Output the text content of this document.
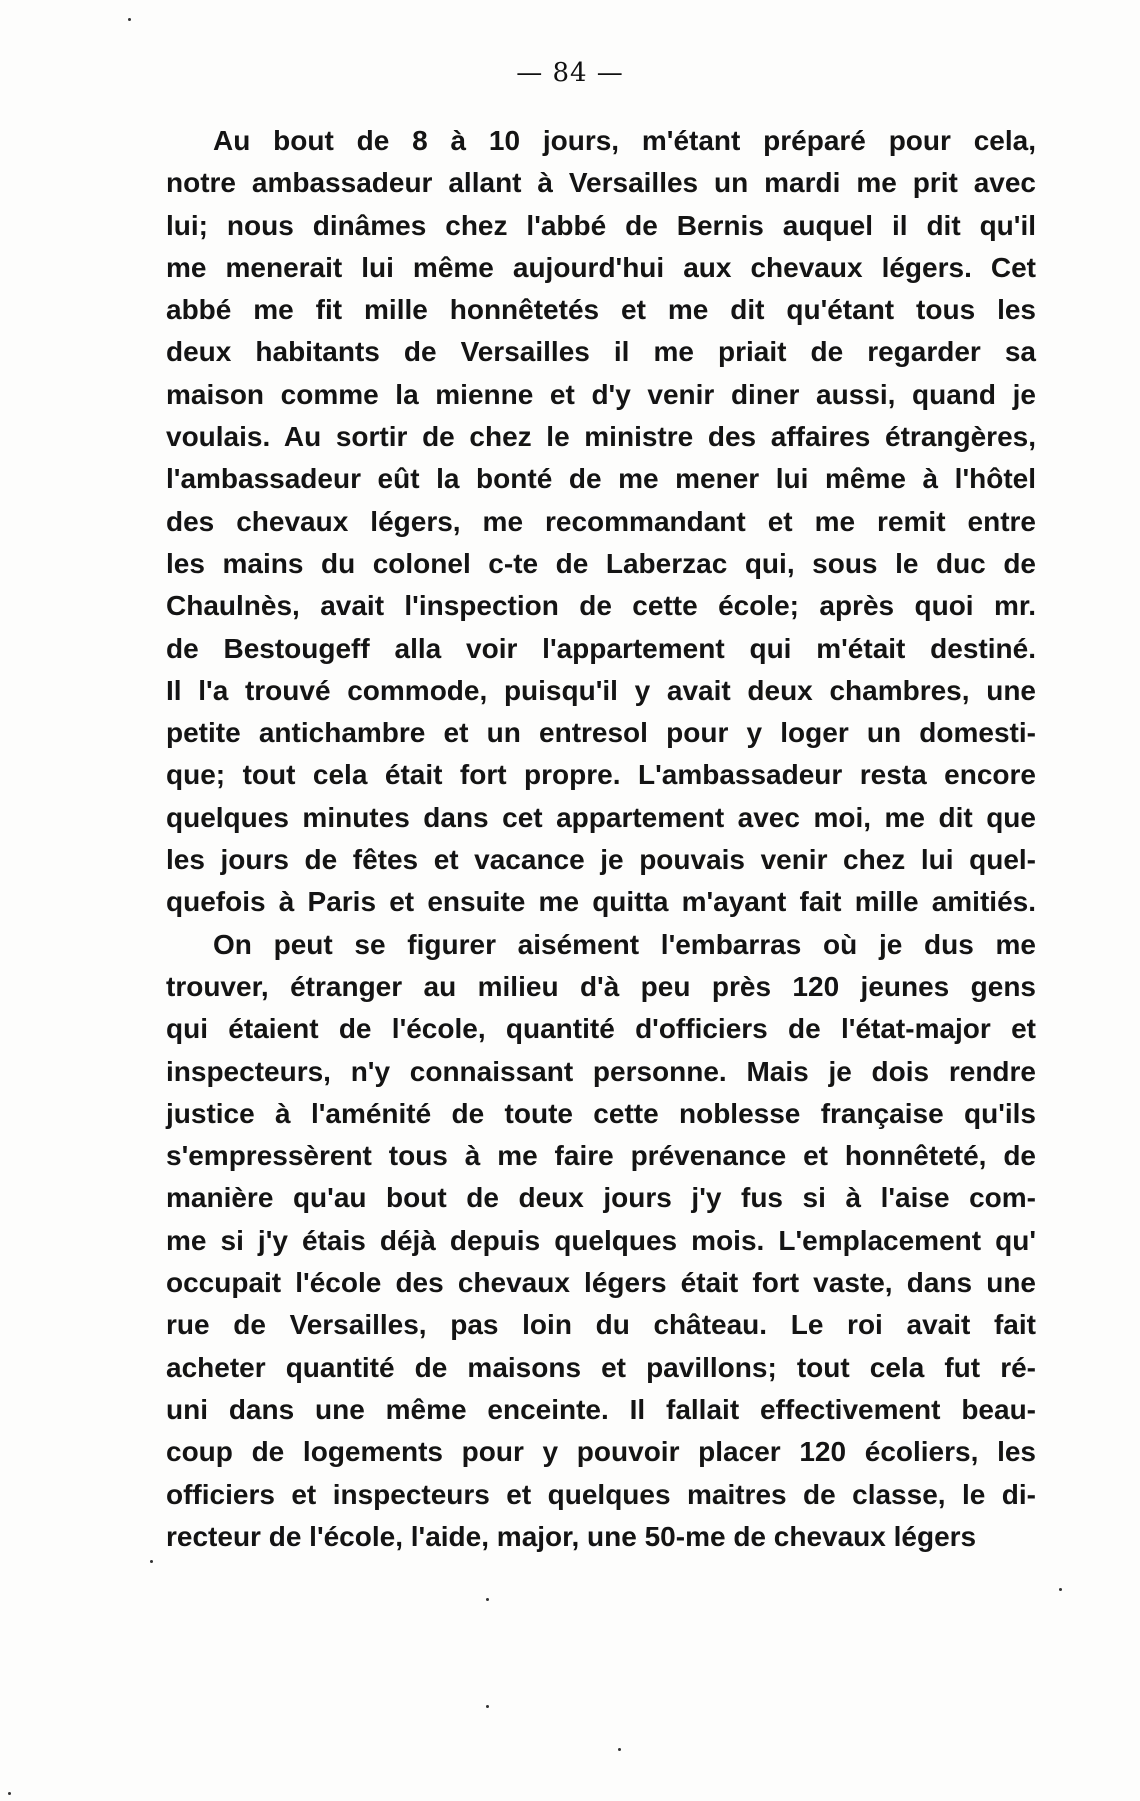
— 84 —
Au bout de 8 à 10 jours, m'étant préparé pour cela,
notre ambassadeur allant à Versailles un mardi me prit avec
lui; nous dinâmes chez l'abbé de Bernis auquel il dit qu'il
me menerait lui même aujourd'hui aux chevaux légers. Cet
abbé me fit mille honnêtetés et me dit qu'étant tous les
deux habitants de Versailles il me priait de regarder sa
maison comme la mienne et d'y venir diner aussi, quand je
voulais. Au sortir de chez le ministre des affaires étrangères,
l'ambassadeur eût la bonté de me mener lui même à l'hôtel
des chevaux légers, me recommandant et me remit entre
les mains du colonel c-te de Laberzac qui, sous le duc de
Chaulnès, avait l'inspection de cette école; après quoi mr.
de Bestougeff alla voir l'appartement qui m'était destiné.
Il l'a trouvé commode, puisqu'il y avait deux chambres, une
petite antichambre et un entresol pour y loger un domesti-
que; tout cela était fort propre. L'ambassadeur resta encore
quelques minutes dans cet appartement avec moi, me dit que
les jours de fêtes et vacance je pouvais venir chez lui quel-
quefois à Paris et ensuite me quitta m'ayant fait mille amitiés.
On peut se figurer aisément l'embarras où je dus me
trouver, étranger au milieu d'à peu près 120 jeunes gens
qui étaient de l'école, quantité d'officiers de l'état-major et
inspecteurs, n'y connaissant personne. Mais je dois rendre
justice à l'aménité de toute cette noblesse française qu'ils
s'empressèrent tous à me faire prévenance et honnêteté, de
manière qu'au bout de deux jours j'y fus si à l'aise com-
me si j'y étais déjà depuis quelques mois. L'emplacement qu'
occupait l'école des chevaux légers était fort vaste, dans une
rue de Versailles, pas loin du château. Le roi avait fait
acheter quantité de maisons et pavillons; tout cela fut ré-
uni dans une même enceinte. Il fallait effectivement beau-
coup de logements pour y pouvoir placer 120 écoliers, les
officiers et inspecteurs et quelques maitres de classe, le di-
recteur de l'école, l'aide, major, une 50-me de chevaux légers
